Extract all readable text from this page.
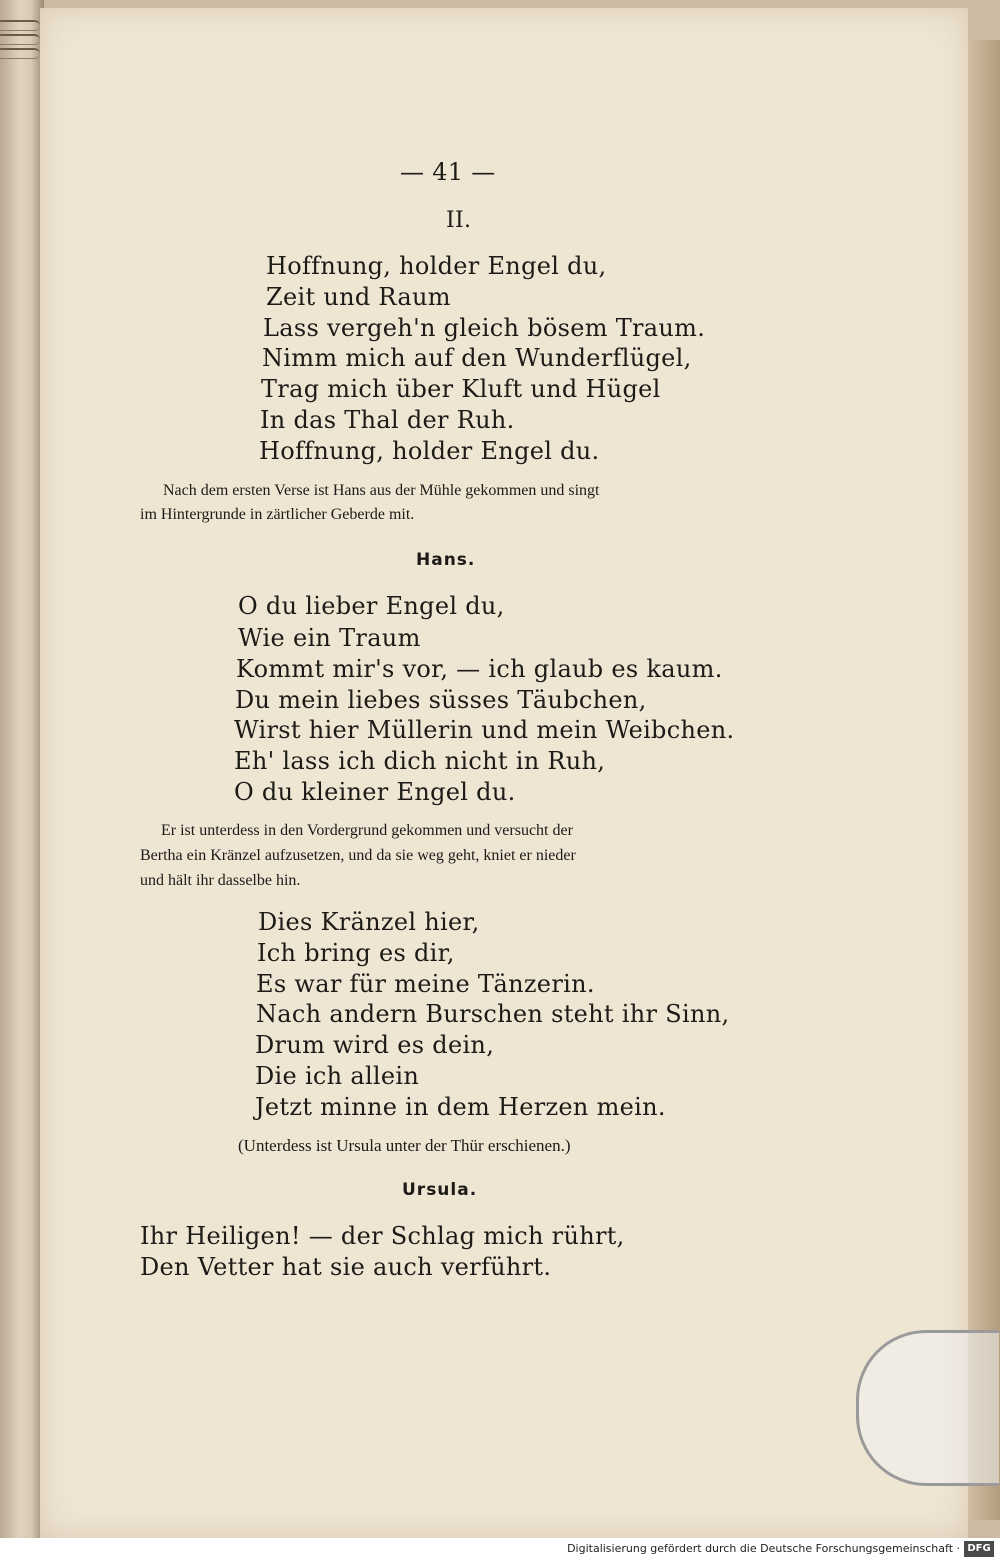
— 41 —
II.
Hoffnung, holder Engel du,
Zeit und Raum
Lass vergeh'n gleich bösem Traum.
Nimm mich auf den Wunderflügel,
Trag mich über Kluft und Hügel
In das Thal der Ruh.
Hoffnung, holder Engel du.
Nach dem ersten Verse ist Hans aus der Mühle gekommen und singt
im Hintergrunde in zärtlicher Geberde mit.
Hans.
O du lieber Engel du,
Wie ein Traum
Kommt mir's vor, — ich glaub es kaum.
Du mein liebes süsses Täubchen,
Wirst hier Müllerin und mein Weibchen.
Eh' lass ich dich nicht in Ruh,
O du kleiner Engel du.
Er ist unterdess in den Vordergrund gekommen und versucht der
Bertha ein Kränzel aufzusetzen, und da sie weg geht, kniet er nieder
und hält ihr dasselbe hin.
Dies Kränzel hier,
Ich bring es dir,
Es war für meine Tänzerin.
Nach andern Burschen steht ihr Sinn,
Drum wird es dein,
Die ich allein
Jetzt minne in dem Herzen mein.
(Unterdess ist Ursula unter der Thür erschienen.)
Ursula.
Ihr Heiligen! — der Schlag mich rührt,
Den Vetter hat sie auch verführt.
Digitalisierung gefördert durch die Deutsche Forschungsgemeinschaft · DFG
